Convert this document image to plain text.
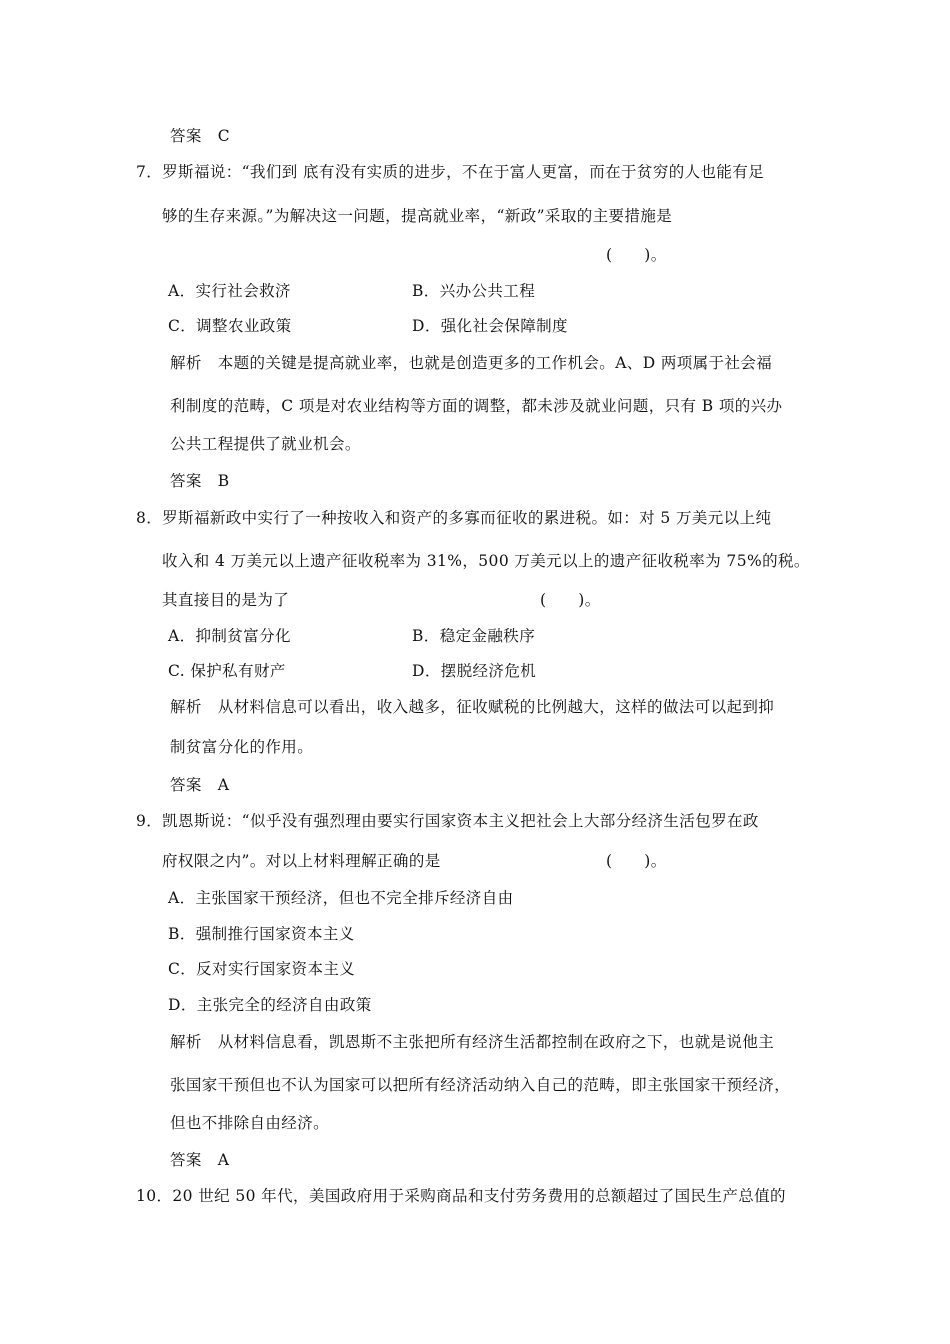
答案　C
7．罗斯福说：“我们到 底有没有实质的进步，不在于富人更富，而在于贫穷的人也能有足
够的生存来源。”为解决这一问题，提高就业率，“新政”采取的主要措施是
(　　)。
A．实行社会救济	B．兴办公共工程
C．调整农业政策	D．强化社会保障制度
解析　本题的关键是提高就业率，也就是创造更多的工作机会。A、D 两项属于社会福
利制度的范畴，C 项是对农业结构等方面的调整，都未涉及就业问题，只有 B 项的兴办
公共工程提供了就业机会。
答案　B
8．罗斯福新政中实行了一种按收入和资产的多寡而征收的累进税。如：对 5 万美元以上纯
收入和 4 万美元以上遗产征收税率为 31%，500 万美元以上的遗产征收税率为 75%的税。
其直接目的是为了	(　　)。
A．抑制贫富分化	B．稳定金融秩序
C. 保护私有财产	D．摆脱经济危机
解析　从材料信息可以看出，收入越多，征收赋税的比例越大，这样的做法可以起到抑
制贫富分化的作用。
答案　A
9．凯恩斯说：“似乎没有强烈理由要实行国家资本主义把社会上大部分经济生活包罗在政
府权限之内”。对以上材料理解正确的是	(　　)。
A．主张国家干预经济，但也不完全排斥经济自由
B．强制推行国家资本主义
C．反对实行国家资本主义
D．主张完全的经济自由政策
解析　从材料信息看，凯恩斯不主张把所有经济生活都控制在政府之下，也就是说他主
张国家干预但也不认为国家可以把所有经济活动纳入自己的范畴，即主张国家干预经济，
但也不排除自由经济。
答案　A
10．20 世纪 50 年代，美国政府用于采购商品和支付劳务费用的总额超过了国民生产总值的
